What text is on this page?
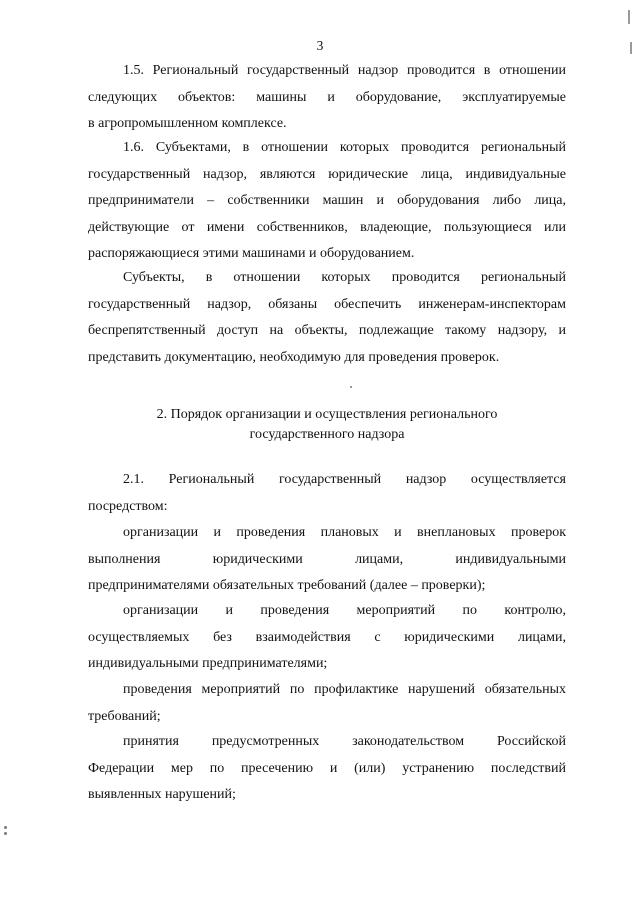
3
1.5. Региональный государственный надзор проводится в отношении
следующих объектов: машины и оборудование, эксплуатируемые
в агропромышленном комплексе.
1.6. Субъектами, в отношении которых проводится региональный
государственный надзор, являются юридические лица, индивидуальные
предприниматели – собственники машин и оборудования либо лица,
действующие от имени собственников, владеющие, пользующиеся или
распоряжающиеся этими машинами и оборудованием.
Субъекты, в отношении которых проводится региональный
государственный надзор, обязаны обеспечить инженерам-инспекторам
беспрепятственный доступ на объекты, подлежащие такому надзору, и
представить документацию, необходимую для проведения проверок.
2. Порядок организации и осуществления регионального
государственного надзора
2.1. Региональный государственный надзор осуществляется
посредством:
организации и проведения плановых и внеплановых проверок
выполнения юридическими лицами, индивидуальными
предпринимателями обязательных требований (далее – проверки);
организации и проведения мероприятий по контролю,
осуществляемых без взаимодействия с юридическими лицами,
индивидуальными предпринимателями;
проведения мероприятий по профилактике нарушений обязательных
требований;
принятия предусмотренных законодательством Российской
Федерации мер по пресечению и (или) устранению последствий
выявленных нарушений;
